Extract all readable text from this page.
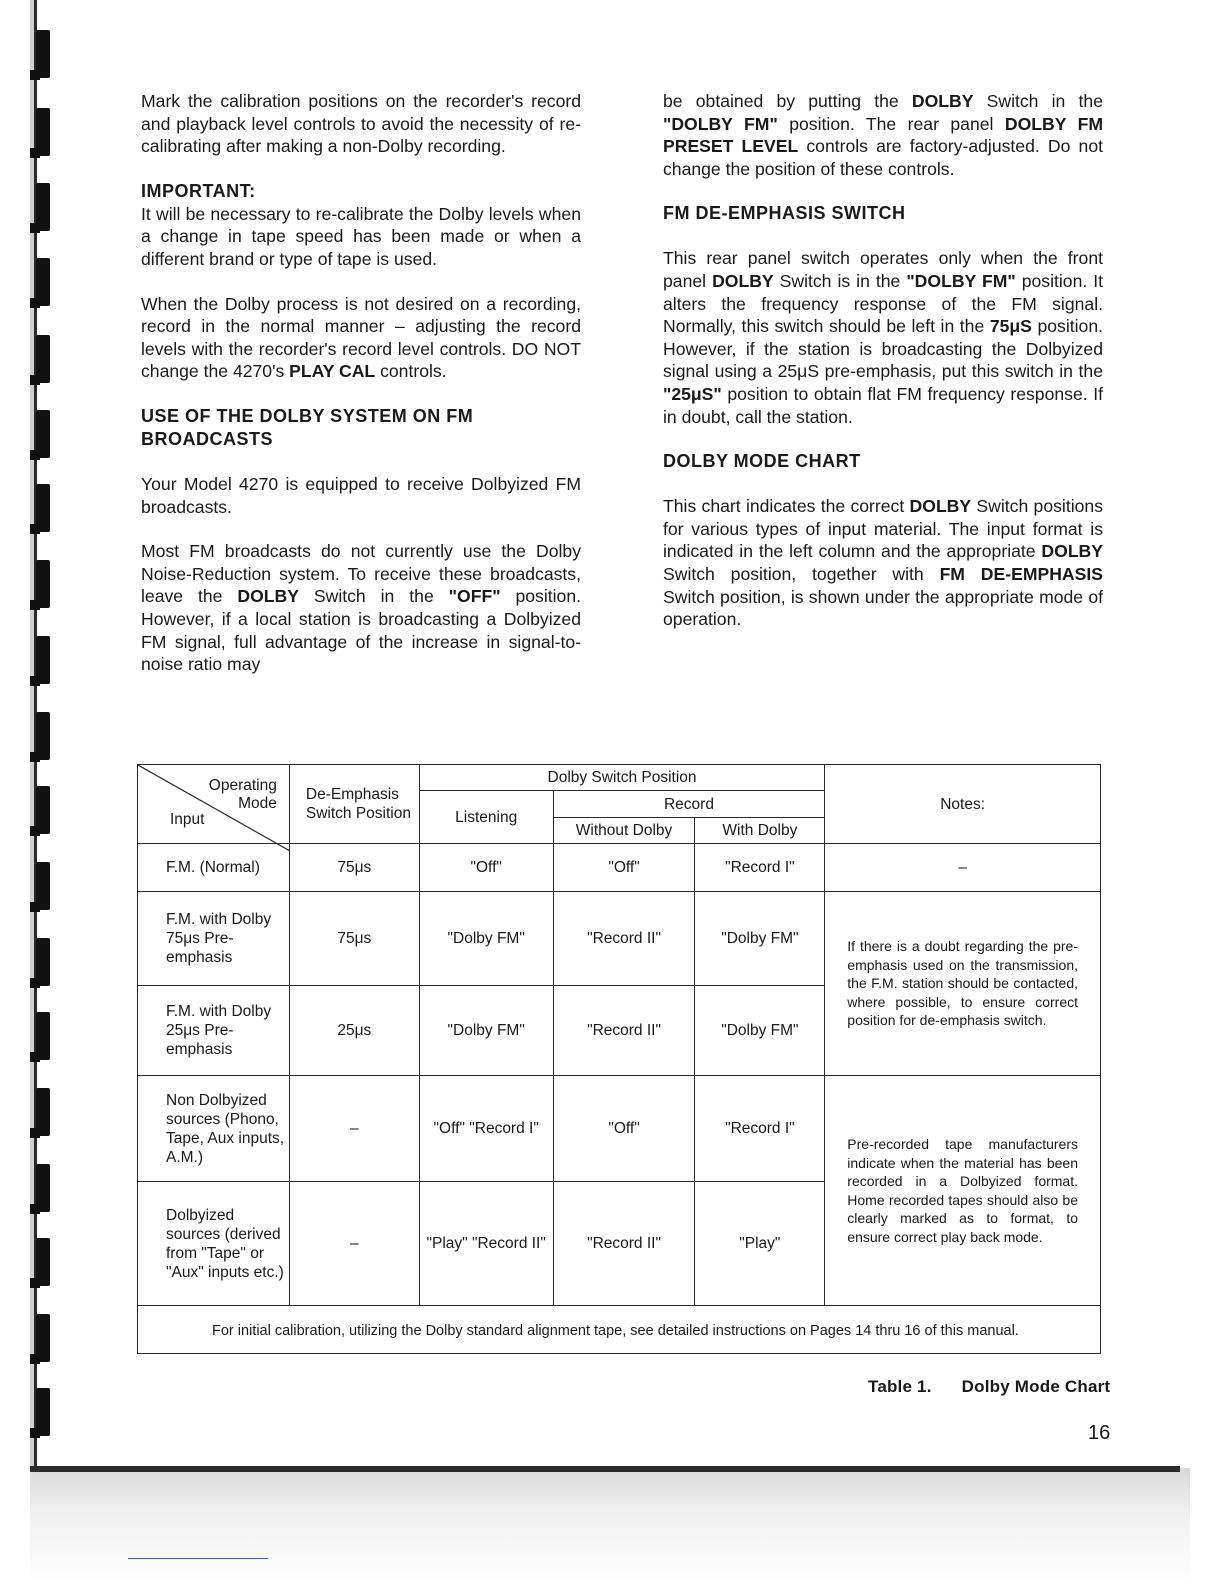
Mark the calibration positions on the recorder's record and playback level controls to avoid the necessity of re-calibrating after making a non-Dolby recording.

IMPORTANT:

It will be necessary to re-calibrate the Dolby levels when a change in tape speed has been made or when a different brand or type of tape is used.

When the Dolby process is not desired on a recording, record in the normal manner – adjusting the record levels with the recorder's record level controls. DO NOT change the 4270's PLAY CAL controls.

USE OF THE DOLBY SYSTEM ON FM BROADCASTS

Your Model 4270 is equipped to receive Dolbyized FM broadcasts.

Most FM broadcasts do not currently use the Dolby Noise-Reduction system. To receive these broadcasts, leave the DOLBY Switch in the "OFF" position. However, if a local station is broadcasting a Dolbyized FM signal, full advantage of the increase in signal-to-noise ratio may

be obtained by putting the DOLBY Switch in the "DOLBY FM" position. The rear panel DOLBY FM PRESET LEVEL controls are factory-adjusted. Do not change the position of these controls.

FM DE-EMPHASIS SWITCH

This rear panel switch operates only when the front panel DOLBY Switch is in the "DOLBY FM" position. It alters the frequency response of the FM signal. Normally, this switch should be left in the 75μS position. However, if the station is broadcasting the Dolbyized signal using a 25μS pre-emphasis, put this switch in the "25μS" position to obtain flat FM frequency response. If in doubt, call the station.

DOLBY MODE CHART

This chart indicates the correct DOLBY Switch positions for various types of input material. The input format is indicated in the left column and the appropriate DOLBY Switch position, together with FM DE-EMPHASIS Switch position, is shown under the appropriate mode of operation.

Operating
Mode
Input	De-Emphasis Switch Position	Dolby Switch Position			Notes:
		Listening	Record		
			Without Dolby	With Dolby	
F.M. (Normal)	75μs	"Off"	"Off"	"Record I"	–
F.M. with Dolby 75μs Pre-emphasis	75μs	"Dolby FM"	"Record II"	"Dolby FM"	If there is a doubt regarding the pre-emphasis used on the transmission, the F.M. station should be contacted, where possible, to ensure correct position for de-emphasis switch.
F.M. with Dolby 25μs Pre-emphasis	25μs	"Dolby FM"	"Record II"	"Dolby FM"	
Non Dolbyized sources (Phono, Tape, Aux inputs, A.M.)	–	"Off" "Record I"	"Off"	"Record I"	Pre-recorded tape manufacturers indicate when the material has been recorded in a Dolbyized format. Home recorded tapes should also be clearly marked as to format, to ensure correct play back mode.
Dolbyized sources (derived from "Tape" or "Aux" inputs etc.)	–	"Play" "Record II"	"Record II"	"Play"	
For initial calibration, utilizing the Dolby standard alignment tape, see detailed instructions on Pages 14 thru 16 of this manual.					
Table 1. Dolby Mode Chart
16
